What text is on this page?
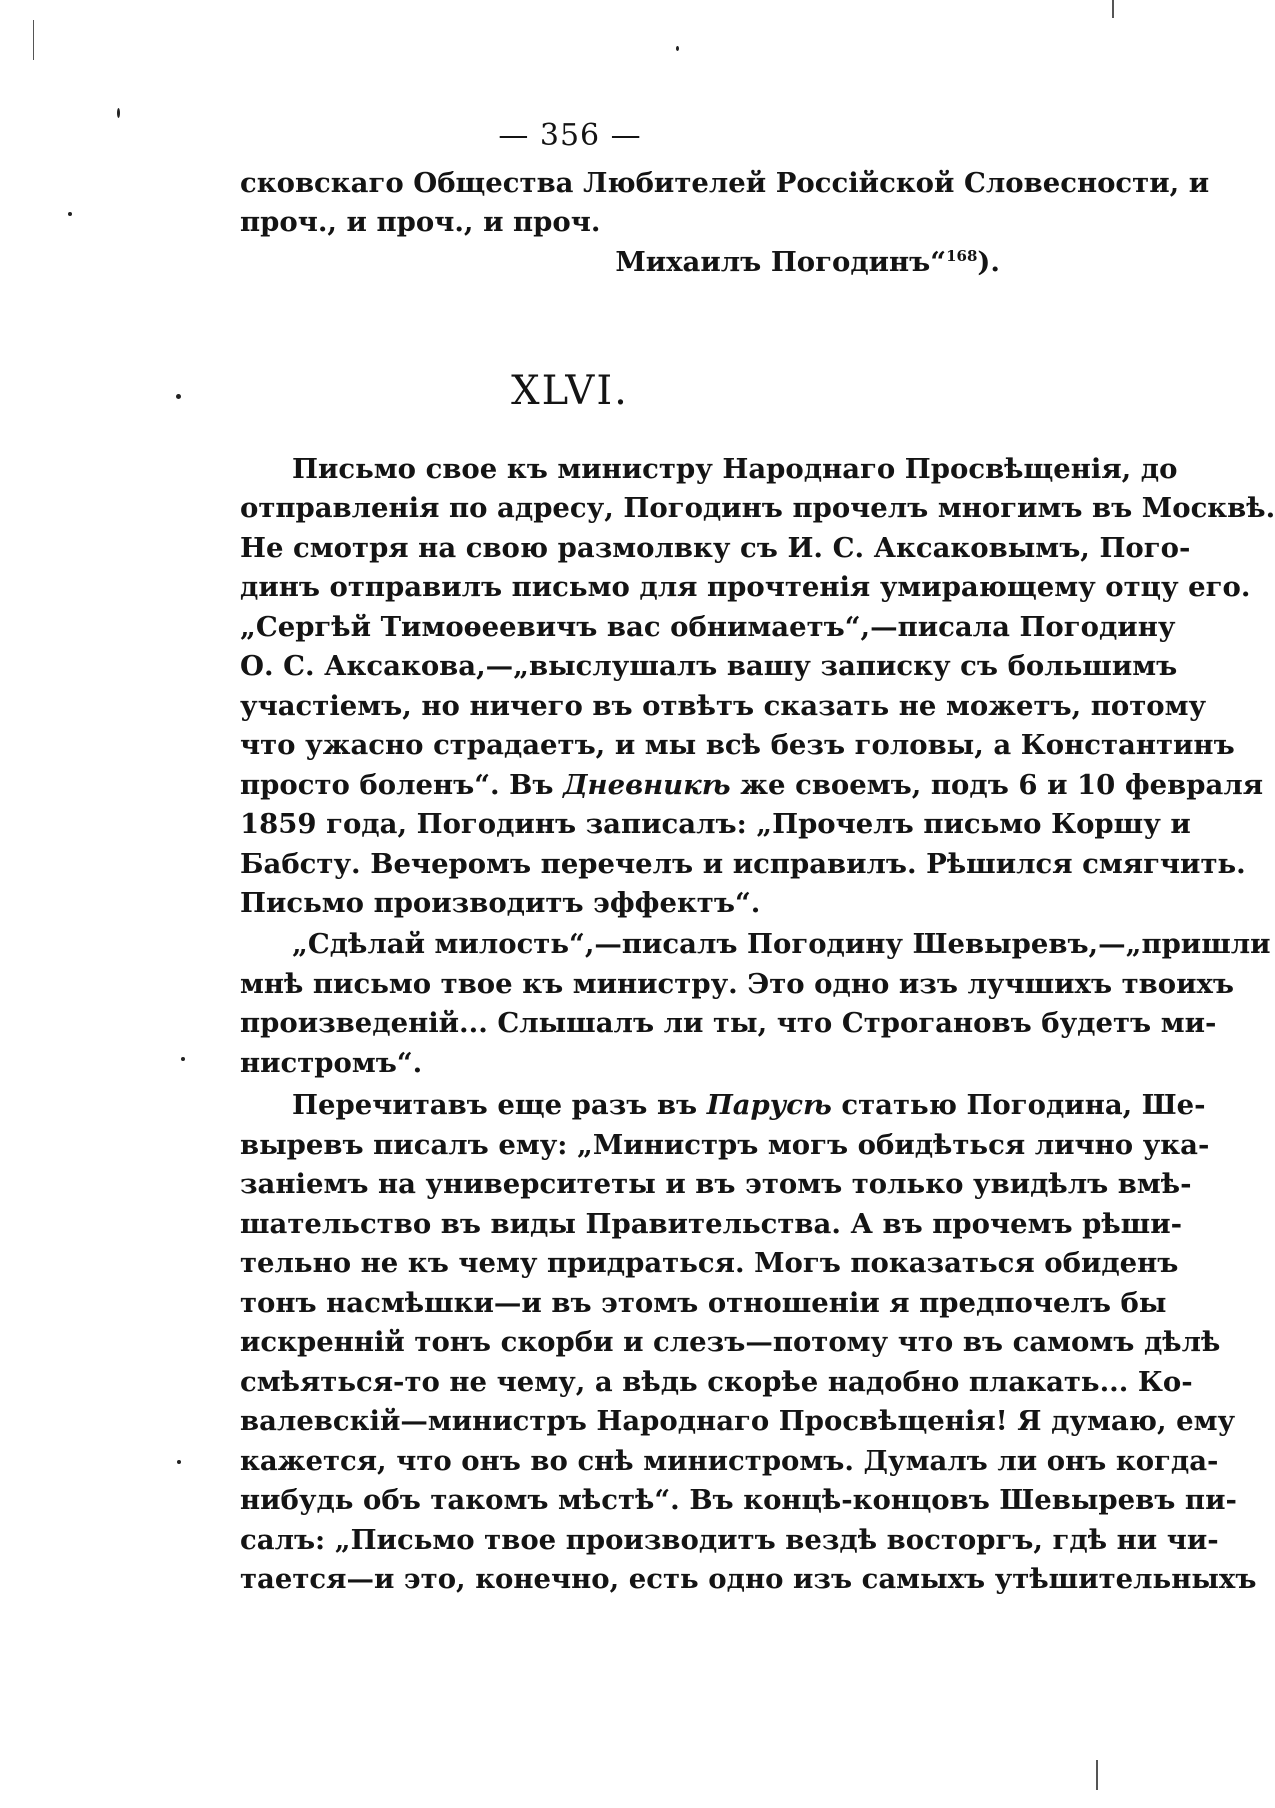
— 356 —
сковскаго Общества Любителей Россійской Словесности, и
проч., и проч., и проч.
Михаилъ Погодинъ“$^{168}$).
XLVI.
Письмо свое къ министру Народнаго Просвѣщенія, до
отправленія по адресу, Погодинъ прочелъ многимъ въ Москвѣ.
Не смотря на свою размолвку съ И. С. Аксаковымъ, Пого-
динъ отправилъ письмо для прочтенія умирающему отцу его.
„Сергѣй Тимоѳеевичъ вас обнимаетъ“,—писала Погодину
О. С. Аксакова,—„выслушалъ вашу записку съ большимъ
участіемъ, но ничего въ отвѣтъ сказать не можетъ, потому
что ужасно страдаетъ, и мы всѣ безъ головы, а Константинъ
просто боленъ“. Въ Дневникѣ же своемъ, подъ 6 и 10 февраля
1859 года, Погодинъ записалъ: „Прочелъ письмо Коршу и
Бабсту. Вечеромъ перечелъ и исправилъ. Рѣшился смягчить.
Письмо производитъ эффектъ“.
„Сдѣлай милость“,—писалъ Погодину Шевыревъ,—„пришли
мнѣ письмо твое къ министру. Это одно изъ лучшихъ твоихъ
произведеній... Слышалъ ли ты, что Строгановъ будетъ ми-
нистромъ“.
Перечитавъ еще разъ въ Парусѣ статью Погодина, Ше-
выревъ писалъ ему: „Министръ могъ обидѣться лично ука-
заніемъ на университеты и въ этомъ только увидѣлъ вмѣ-
шательство въ виды Правительства. А въ прочемъ рѣши-
тельно не къ чему придраться. Могъ показаться обиденъ
тонъ насмѣшки—и въ этомъ отношеніи я предпочелъ бы
искренній тонъ скорби и слезъ—потому что въ самомъ дѣлѣ
смѣяться-то не чему, а вѣдь скорѣе надобно плакать... Ко-
валевскій—министръ Народнаго Просвѣщенія! Я думаю, ему
кажется, что онъ во снѣ министромъ. Думалъ ли онъ когда-
нибудь объ такомъ мѣстѣ“. Въ концѣ-концовъ Шевыревъ пи-
салъ: „Письмо твое производитъ вездѣ восторгъ, гдѣ ни чи-
тается—и это, конечно, есть одно изъ самыхъ утѣшительныхъ
